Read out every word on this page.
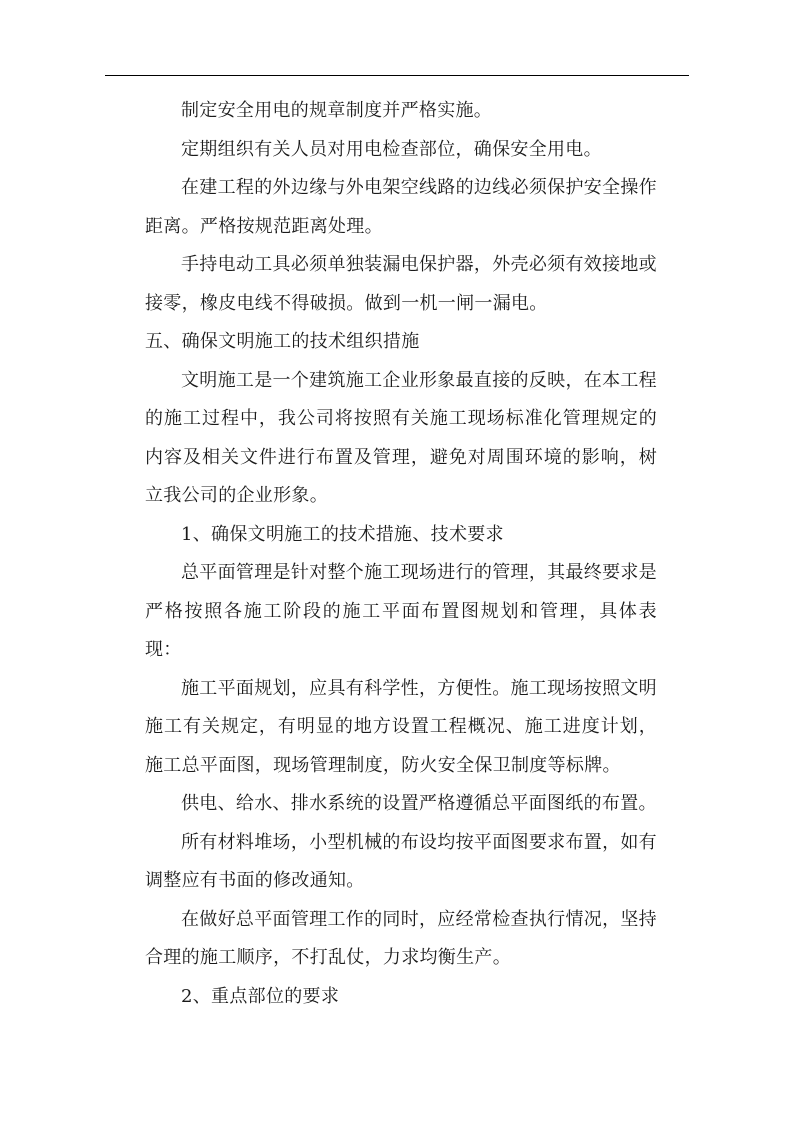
制定安全用电的规章制度并严格实施。

定期组织有关人员对用电检查部位，确保安全用电。

在建工程的外边缘与外电架空线路的边线必须保护安全操作距离。严格按规范距离处理。

手持电动工具必须单独装漏电保护器，外壳必须有效接地或接零，橡皮电线不得破损。做到一机一闸一漏电。

五、确保文明施工的技术组织措施

文明施工是一个建筑施工企业形象最直接的反映，在本工程的施工过程中，我公司将按照有关施工现场标准化管理规定的内容及相关文件进行布置及管理，避免对周围环境的影响，树立我公司的企业形象。

1、确保文明施工的技术措施、技术要求

总平面管理是针对整个施工现场进行的管理，其最终要求是严格按照各施工阶段的施工平面布置图规划和管理，具体表现：

施工平面规划，应具有科学性，方便性。施工现场按照文明施工有关规定，有明显的地方设置工程概况、施工进度计划，施工总平面图，现场管理制度，防火安全保卫制度等标牌。

供电、给水、排水系统的设置严格遵循总平面图纸的布置。

所有材料堆场，小型机械的布设均按平面图要求布置，如有调整应有书面的修改通知。

在做好总平面管理工作的同时，应经常检查执行情况，坚持合理的施工顺序，不打乱仗，力求均衡生产。

2、重点部位的要求
